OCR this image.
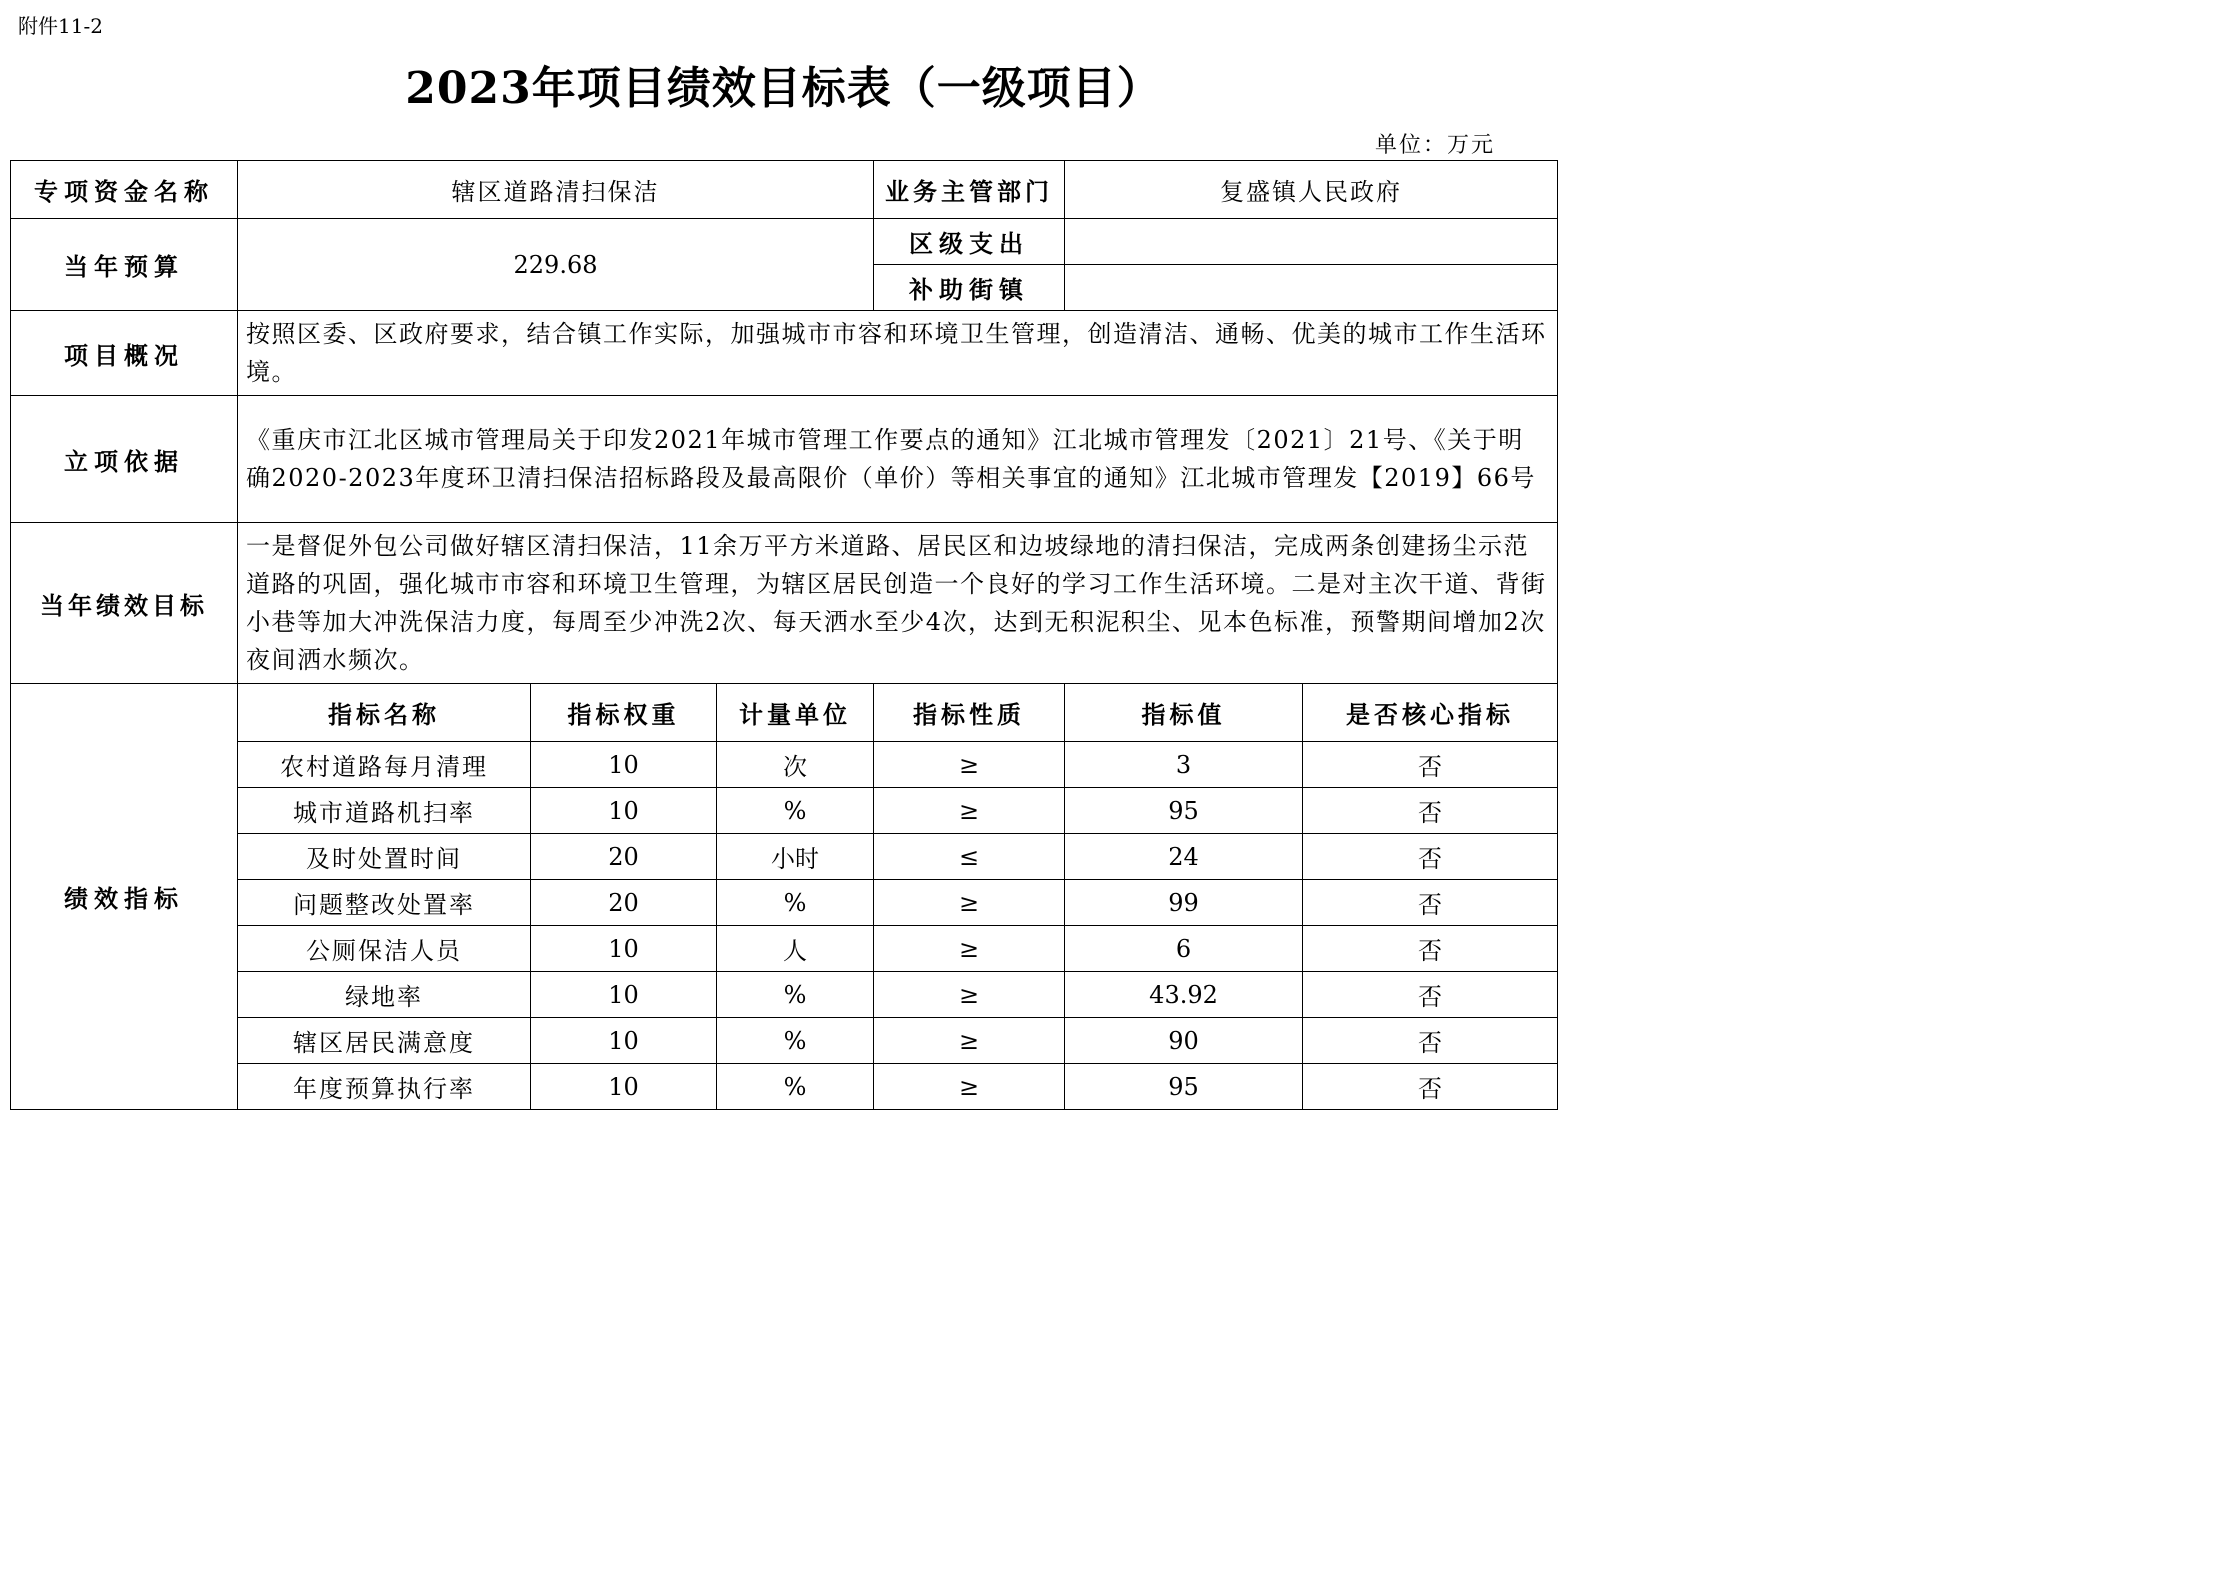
附件11-2
2023年项目绩效目标表（一级项目）
单位：万元
专项资金名称	辖区道路清扫保洁			业务主管部门	复盛镇人民政府	
当年预算	229.68			区级支出		
				补助街镇		
项目概况	按照区委、区政府要求，结合镇工作实际，加强城市市容和环境卫生管理，创造清洁、通畅、优美的城市工作生活环境。					
立项依据	《重庆市江北区城市管理局关于印发2021年城市管理工作要点的通知》江北城市管理发〔2021〕21号、《关于明确2020-2023年度环卫清扫保洁招标路段及最高限价（单价）等相关事宜的通知》江北城市管理发【2019】66号					
当年绩效目标	一是督促外包公司做好辖区清扫保洁，11余万平方米道路、居民区和边坡绿地的清扫保洁，完成两条创建扬尘示范道路的巩固，强化城市市容和环境卫生管理，为辖区居民创造一个良好的学习工作生活环境。二是对主次干道、背街小巷等加大冲洗保洁力度，每周至少冲洗2次、每天洒水至少4次，达到无积泥积尘、见本色标准，预警期间增加2次夜间洒水频次。					
绩效指标	指标名称	指标权重	计量单位	指标性质	指标值	是否核心指标
	农村道路每月清理	10	次	≥	3	否
	城市道路机扫率	10	%	≥	95	否
	及时处置时间	20	小时	≤	24	否
	问题整改处置率	20	%	≥	99	否
	公厕保洁人员	10	人	≥	6	否
	绿地率	10	%	≥	43.92	否
	辖区居民满意度	10	%	≥	90	否
	年度预算执行率	10	%	≥	95	否
